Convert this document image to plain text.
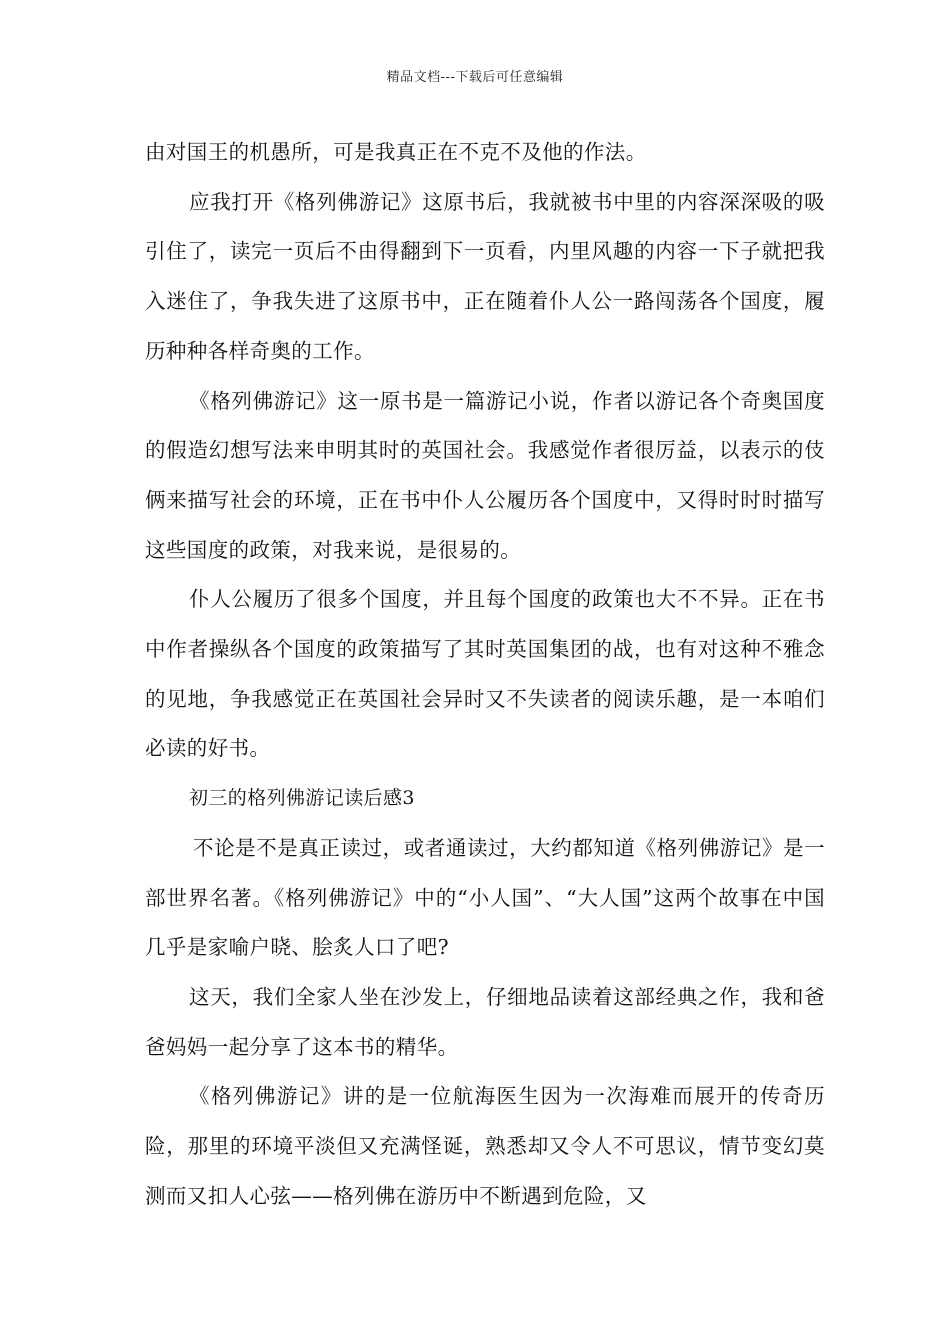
精品文档---下载后可任意编辑

由对国王的机愚所，可是我真正在不克不及他的作法。

应我打开《格列佛游记》这原书后，我就被书中里的内容深深吸的吸引住了，读完一页后不由得翻到下一页看，内里风趣的内容一下子就把我入迷住了，争我失进了这原书中，正在随着仆人公一路闯荡各个国度，履历种种各样奇奥的工作。

《格列佛游记》这一原书是一篇游记小说，作者以游记各个奇奥国度的假造幻想写法来申明其时的英国社会。我感觉作者很厉益，以表示的伎俩来描写社会的环境，正在书中仆人公履历各个国度中，又得时时时描写这些国度的政策，对我来说，是很易的。

仆人公履历了很多个国度，并且每个国度的政策也大不不异。正在书中作者操纵各个国度的政策描写了其时英国集团的战，也有对这种不雅念的见地，争我感觉正在英国社会异时又不失读者的阅读乐趣，是一本咱们必读的好书。

初三的格列佛游记读后感3

不论是不是真正读过，或者通读过，大约都知道《格列佛游记》是一部世界名著。《格列佛游记》中的“小人国”、“大人国”这两个故事在中国几乎是家喻户晓、脍炙人口了吧?

这天，我们全家人坐在沙发上，仔细地品读着这部经典之作，我和爸爸妈妈一起分享了这本书的精华。

《格列佛游记》讲的是一位航海医生因为一次海难而展开的传奇历险，那里的环境平淡但又充满怪诞，熟悉却又令人不可思议，情节变幻莫测而又扣人心弦——格列佛在游历中不断遇到危险，又
